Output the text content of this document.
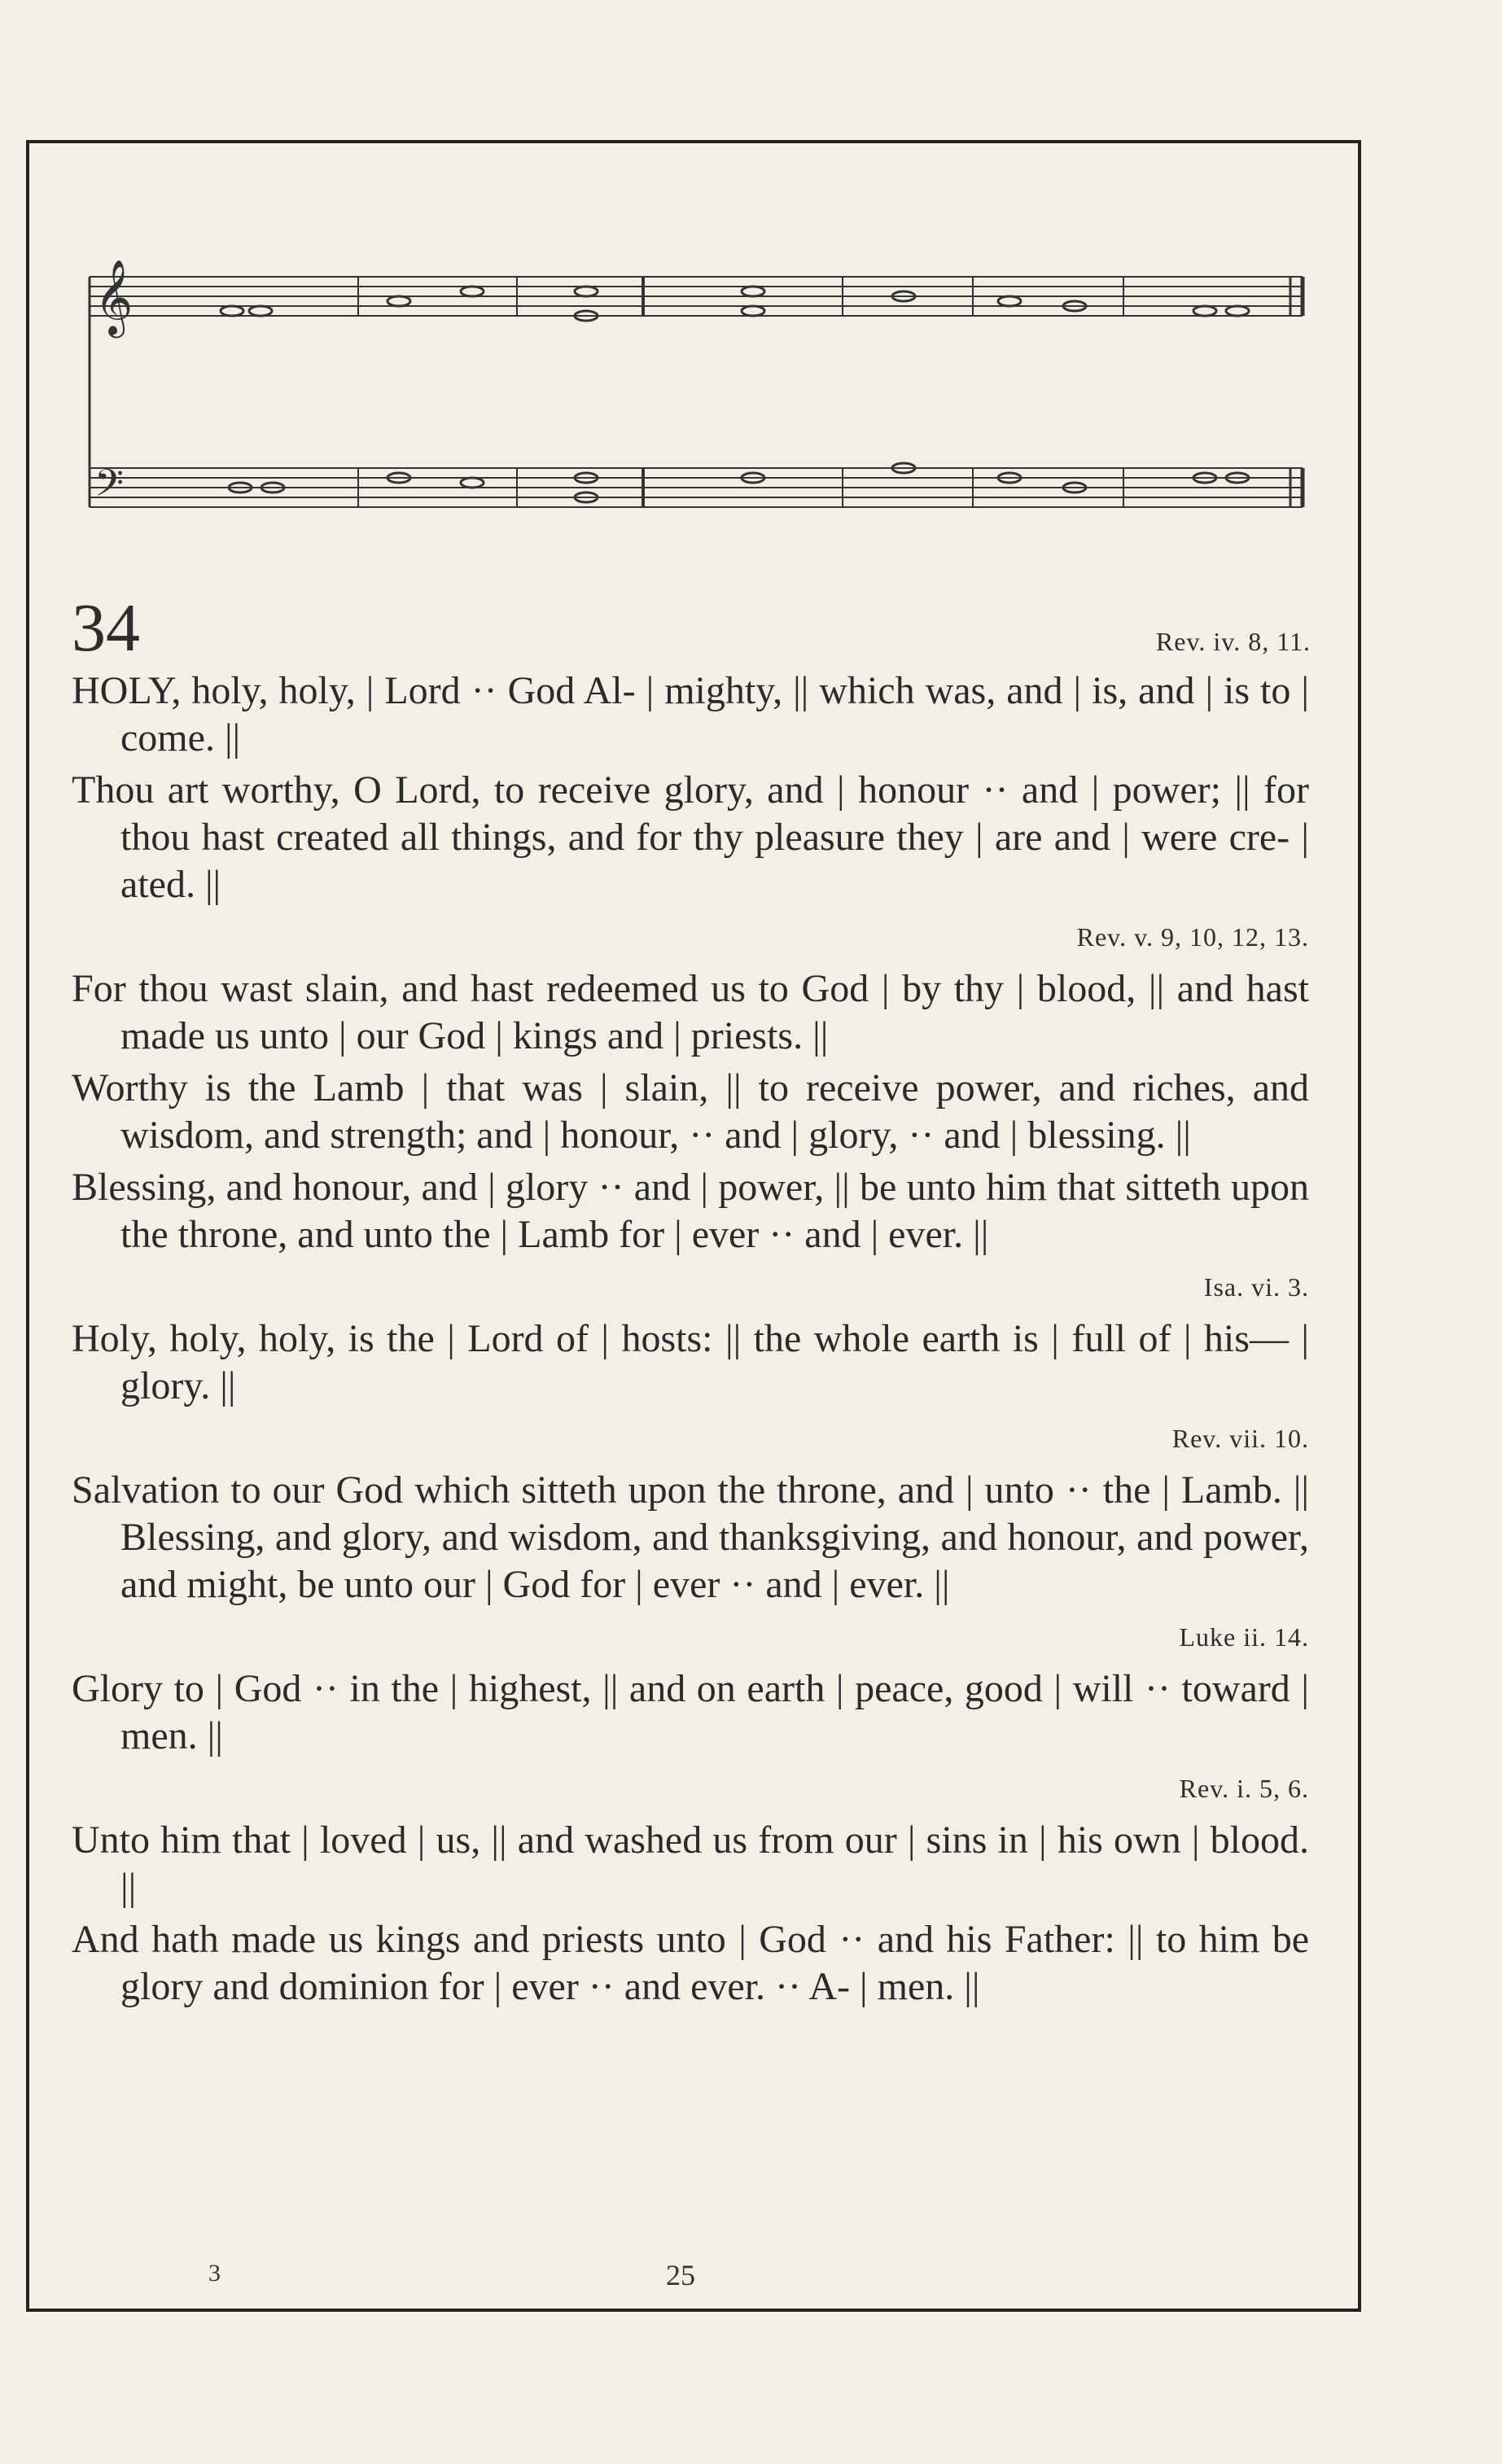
𝄞
𝄢
34	Rev. iv. 8, 11.

HOLY, holy, holy, | Lord ·· God Al- | mighty, || which was, and | is, and | is to | come. ||

Thou art worthy, O Lord, to receive glory, and | honour ·· and | power; || for thou hast created all things, and for thy pleasure they | are and | were cre- | ated. ||

Rev. v. 9, 10, 12, 13.

For thou wast slain, and hast redeemed us to God | by thy | blood, || and hast made us unto | our God | kings and | priests. ||

Worthy is the Lamb | that was | slain, || to receive power, and riches, and wisdom, and strength; and | honour, ·· and | glory, ·· and | blessing. ||

Blessing, and honour, and | glory ·· and | power, || be unto him that sitteth upon the throne, and unto the | Lamb for | ever ·· and | ever. ||

Isa. vi. 3.

Holy, holy, holy, is the | Lord of | hosts: || the whole earth is | full of | his— | glory. ||

Rev. vii. 10.

Salvation to our God which sitteth upon the throne, and | unto ·· the | Lamb. || Blessing, and glory, and wisdom, and thanksgiving, and honour, and power, and might, be unto our | God for | ever ·· and | ever. ||

Luke ii. 14.

Glory to | God ·· in the | highest, || and on earth | peace, good | will ·· toward | men. ||

Rev. i. 5, 6.

Unto him that | loved | us, || and washed us from our | sins in | his own | blood. ||

And hath made us kings and priests unto | God ·· and his Father: || to him be glory and dominion for | ever ·· and ever. ·· A- | men. ||

3	25
